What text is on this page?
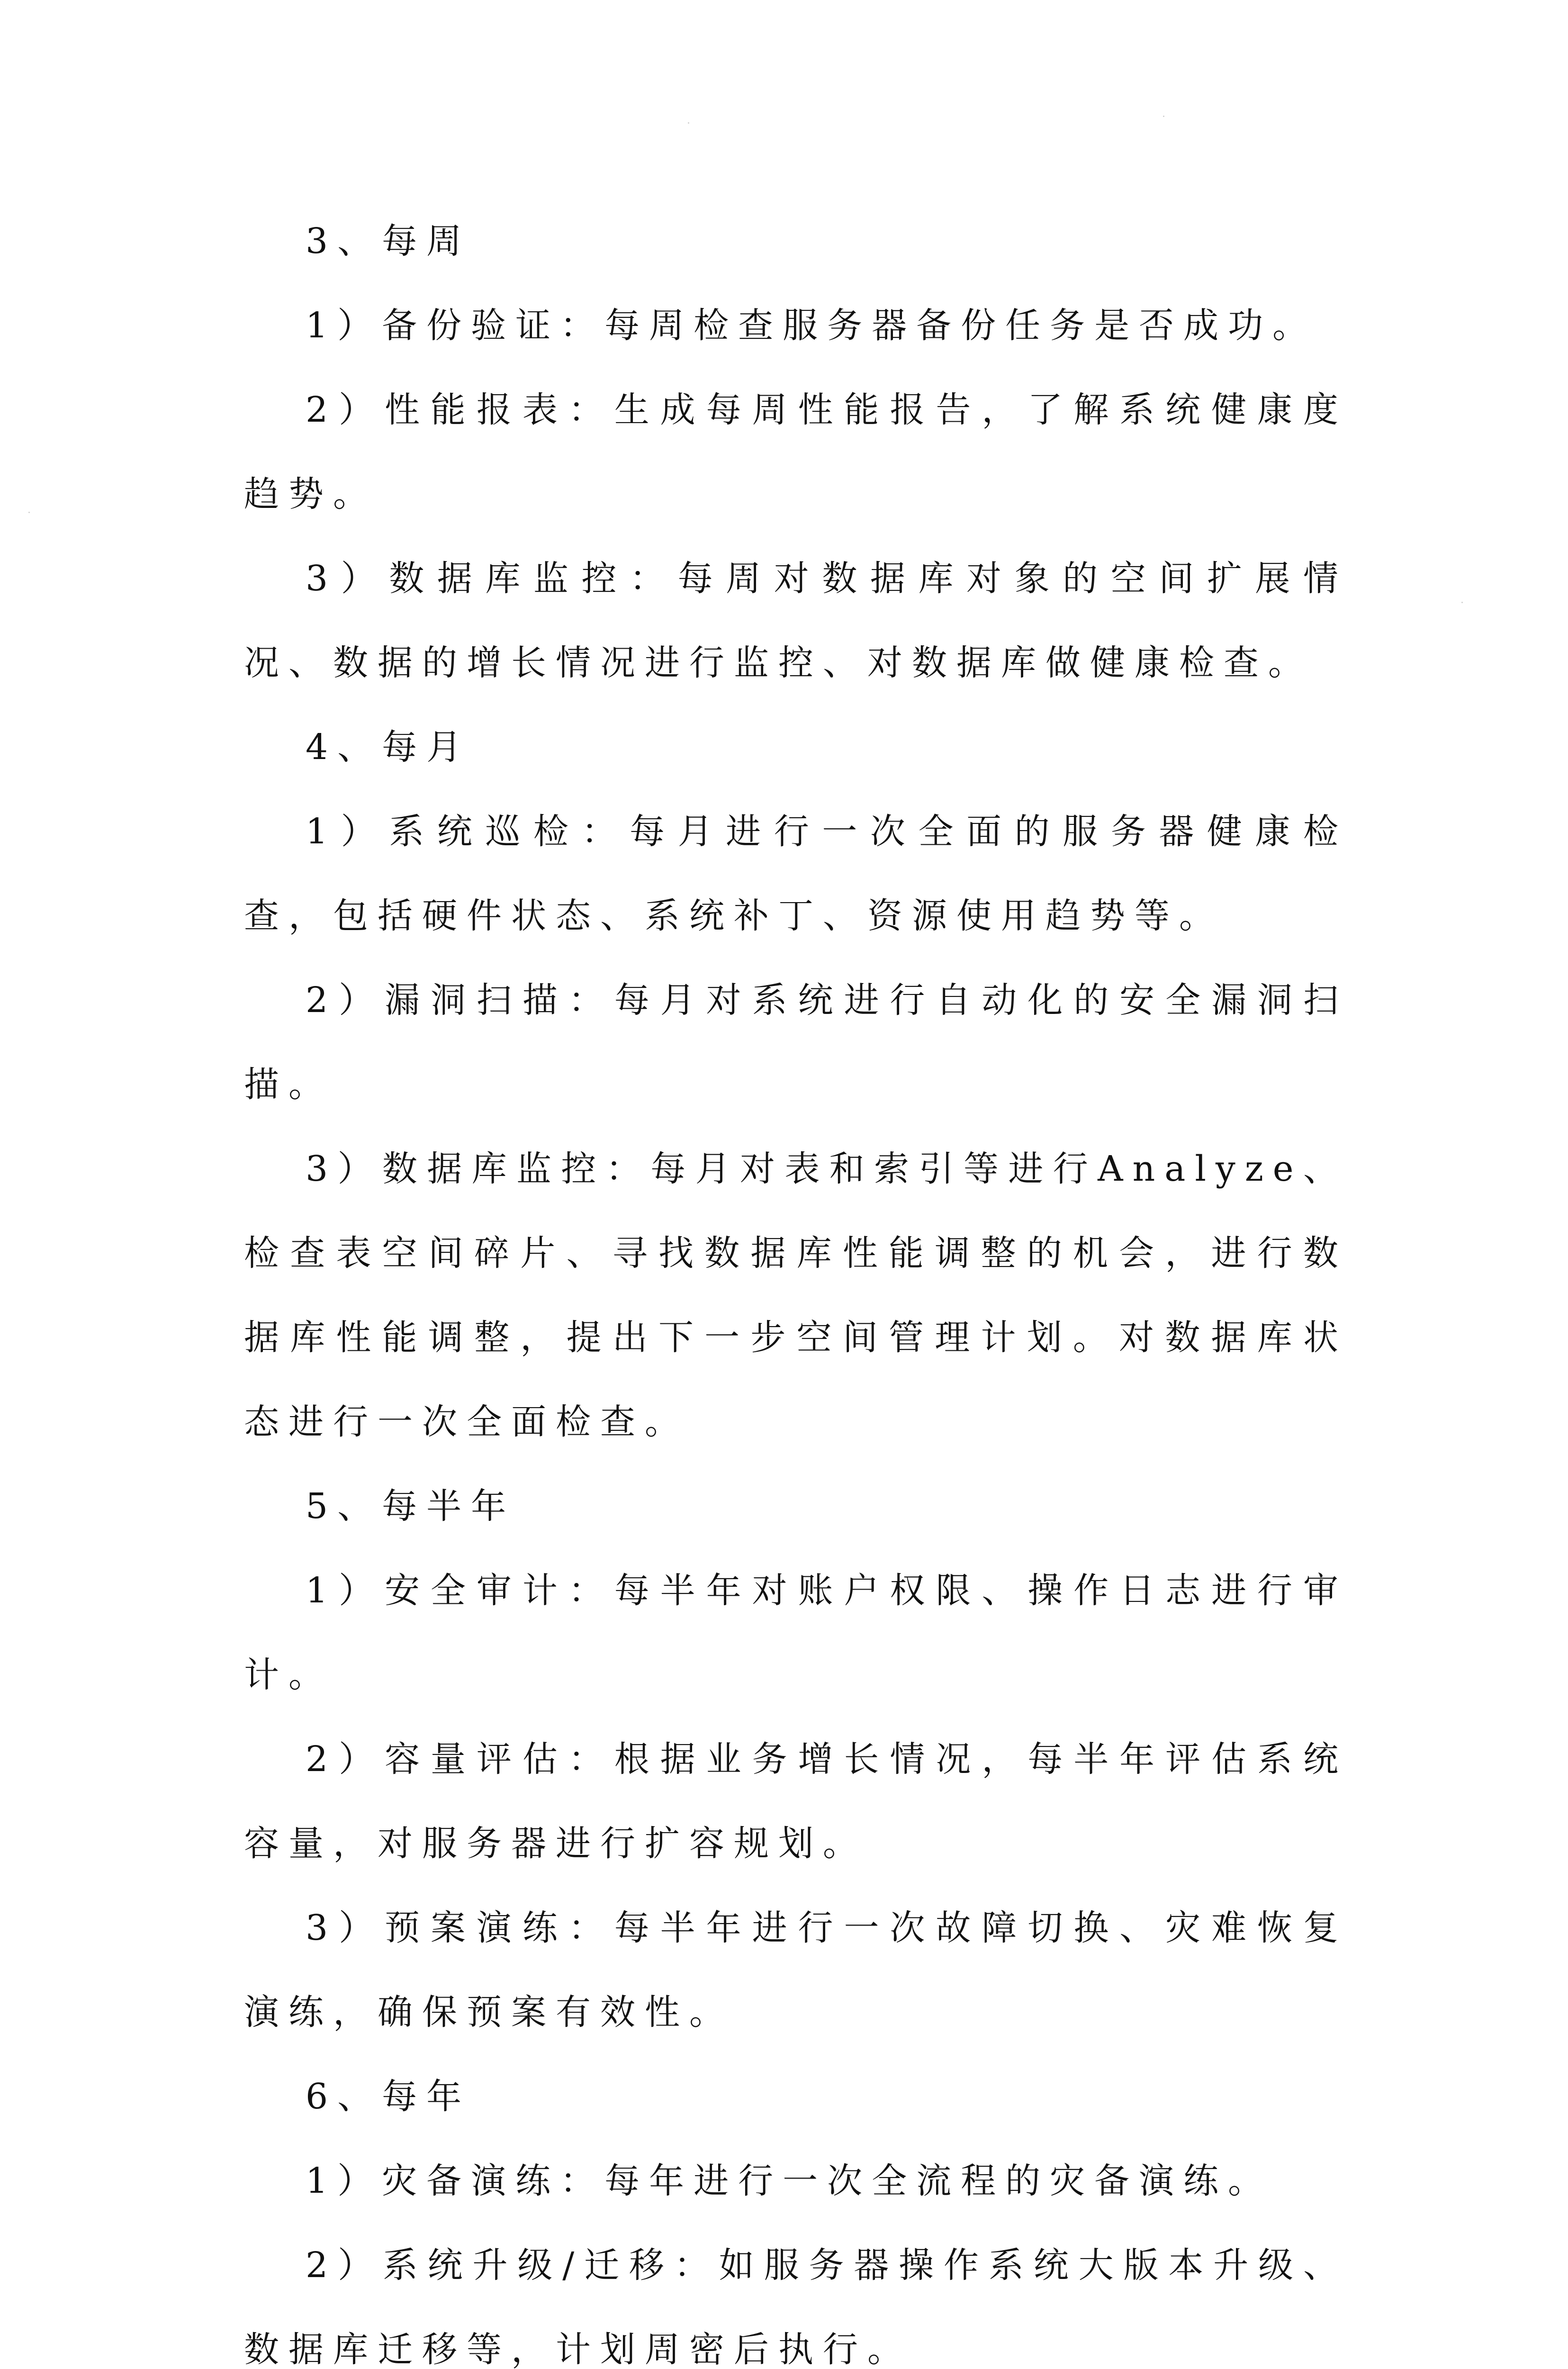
3、每周

1）备份验证：每周检查服务器备份任务是否成功。

2）性能报表：生成每周性能报告，了解系统健康度趋势。

3）数据库监控：每周对数据库对象的空间扩展情况、数据的增长情况进行监控、对数据库做健康检查。

4、每月

1）系统巡检：每月进行一次全面的服务器健康检查，包括硬件状态、系统补丁、资源使用趋势等。

2）漏洞扫描：每月对系统进行自动化的安全漏洞扫描。

3）数据库监控：每月对表和索引等进行Analyze、检查表空间碎片、寻找数据库性能调整的机会，进行数据库性能调整，提出下一步空间管理计划。对数据库状态进行一次全面检查。

5、每半年

1）安全审计：每半年对账户权限、操作日志进行审计。

2）容量评估：根据业务增长情况，每半年评估系统容量，对服务器进行扩容规划。

3）预案演练：每半年进行一次故障切换、灾难恢复演练，确保预案有效性。

6、每年

1）灾备演练：每年进行一次全流程的灾备演练。

2）系统升级/迁移：如服务器操作系统大版本升级、数据库迁移等，计划周密后执行。
